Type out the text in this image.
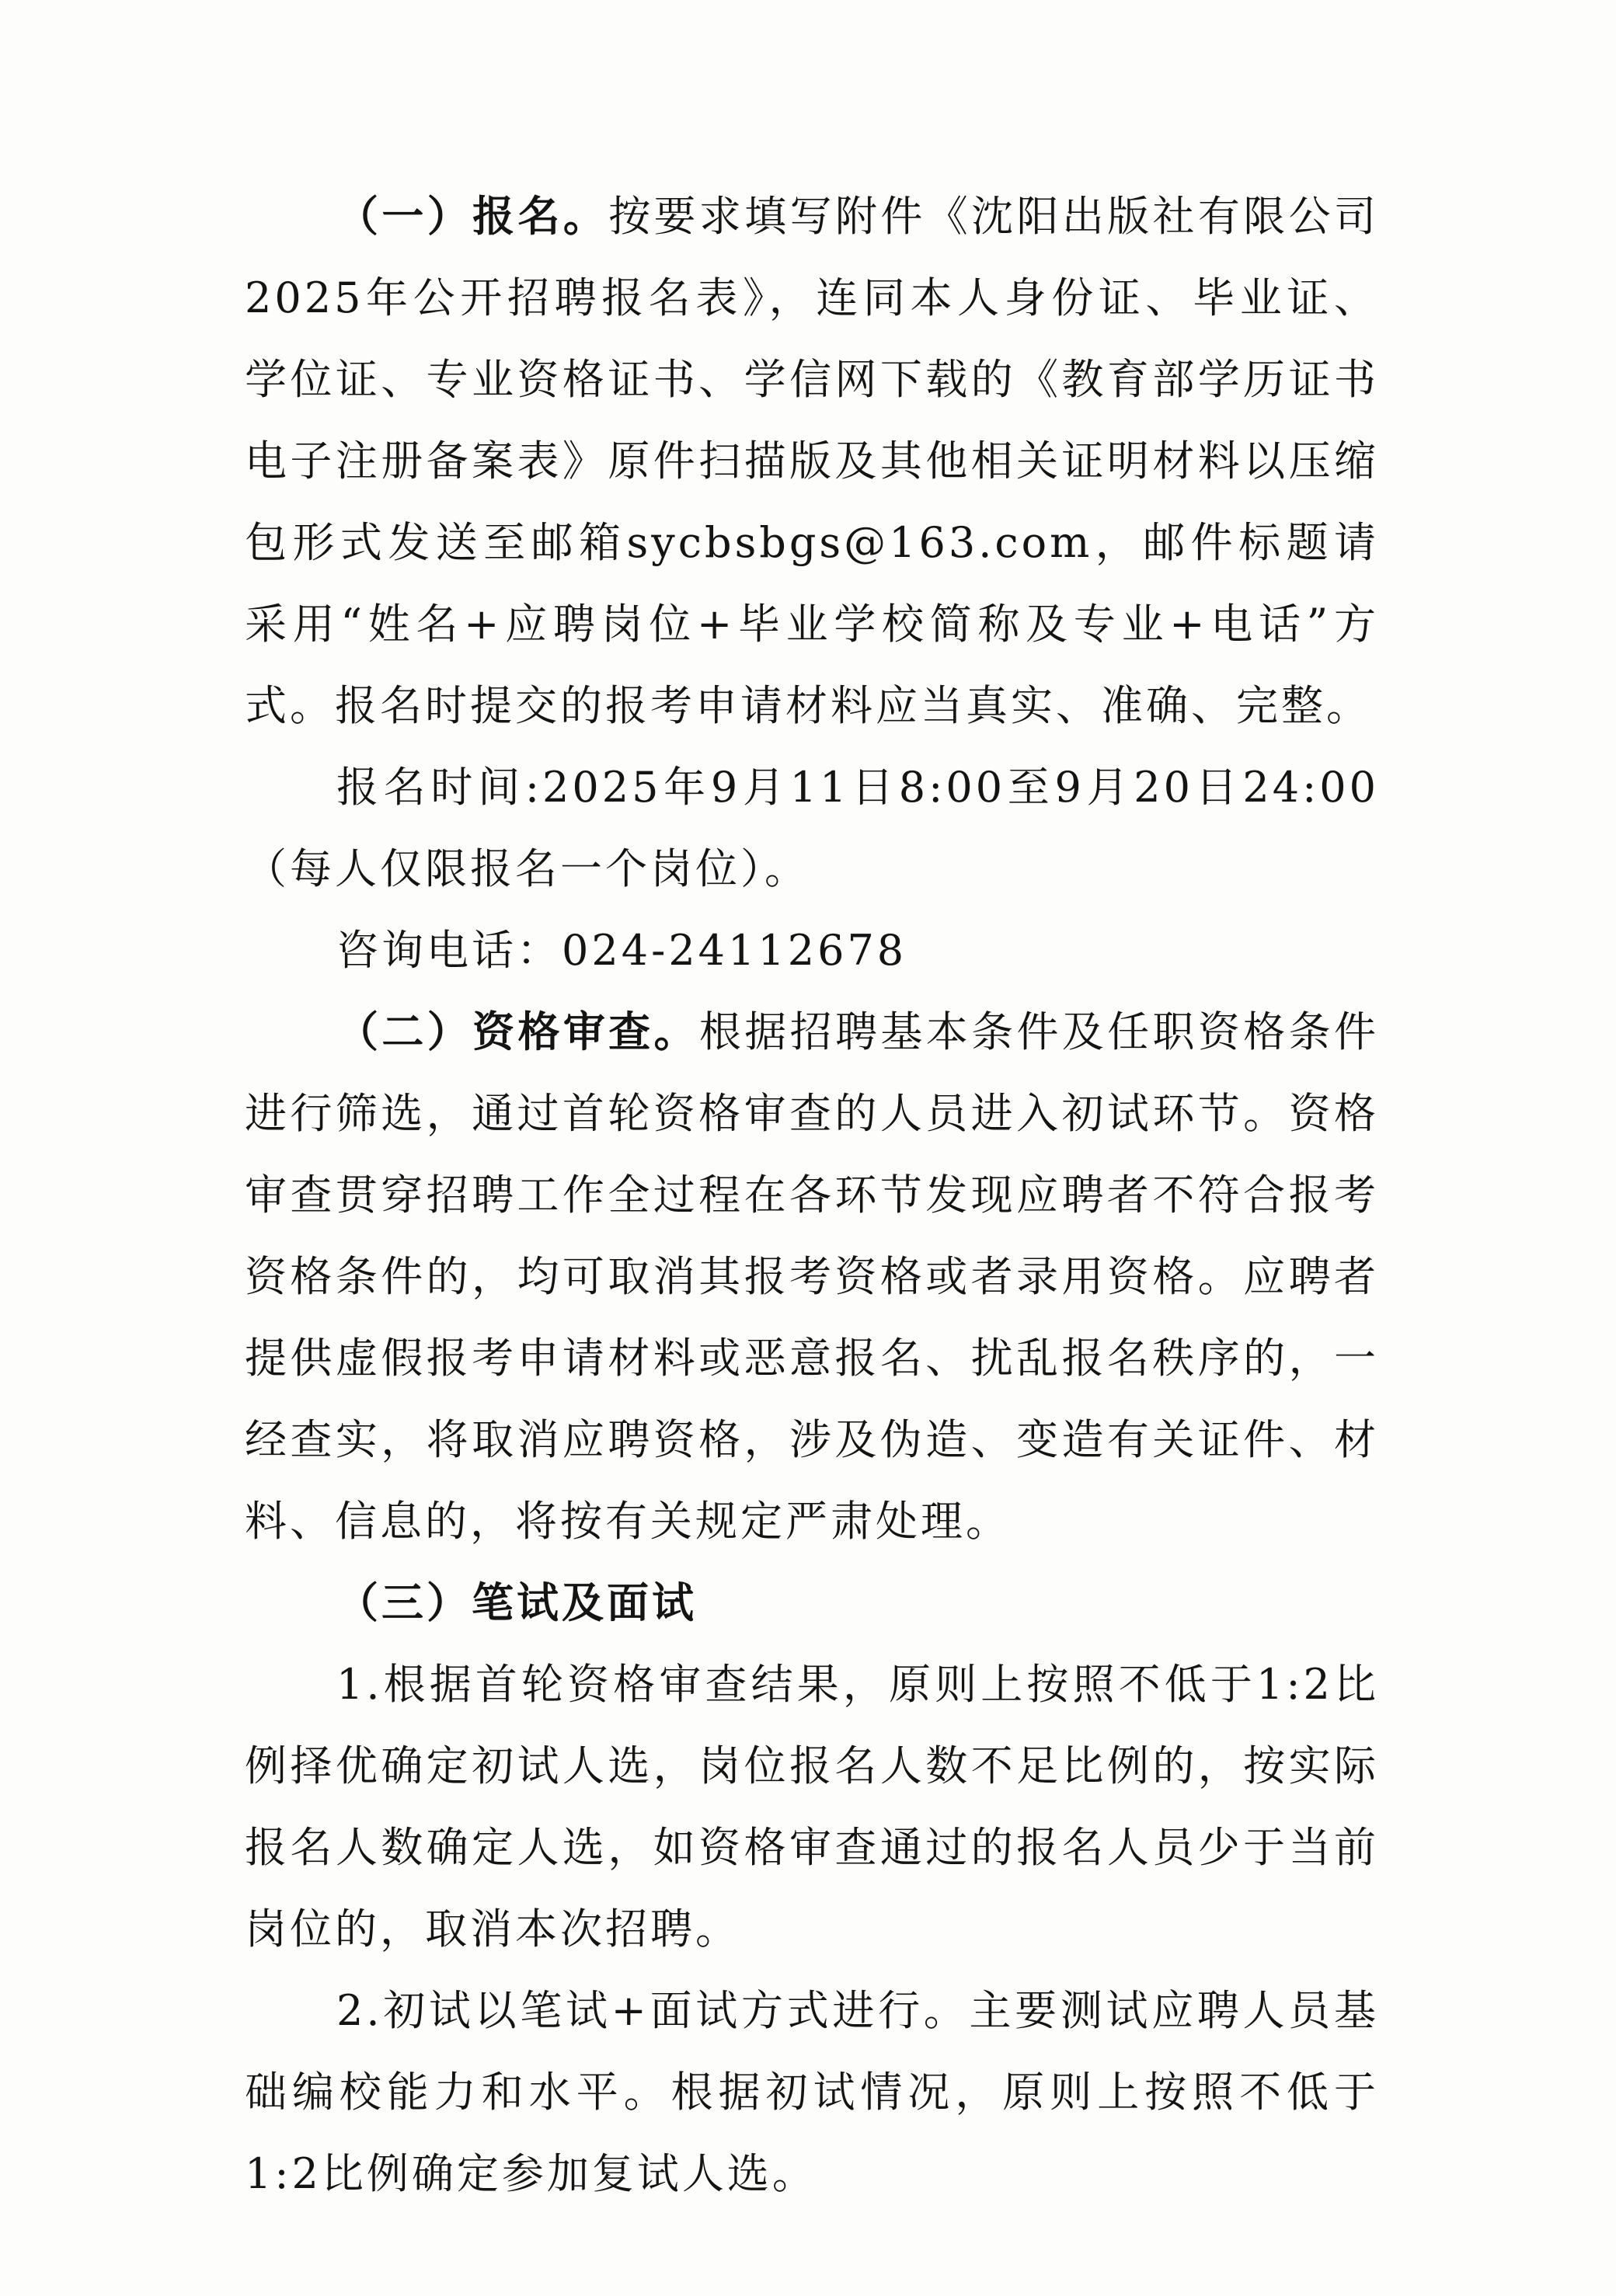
（一）报名。按要求填写附件《沈阳出版社有限公司2025年公开招聘报名表》，连同本人身份证、毕业证、学位证、专业资格证书、学信网下载的《教育部学历证书电子注册备案表》原件扫描版及其他相关证明材料以压缩包形式发送至邮箱sycbsbgs@163.com，邮件标题请采用“姓名+应聘岗位+毕业学校简称及专业+电话”方式。报名时提交的报考申请材料应当真实、准确、完整。

报名时间:2025年9月11日8:00至9月20日24:00（每人仅限报名一个岗位）。

咨询电话：024-24112678

（二）资格审查。根据招聘基本条件及任职资格条件进行筛选，通过首轮资格审查的人员进入初试环节。资格审查贯穿招聘工作全过程在各环节发现应聘者不符合报考资格条件的，均可取消其报考资格或者录用资格。应聘者提供虚假报考申请材料或恶意报名、扰乱报名秩序的，一经查实，将取消应聘资格，涉及伪造、变造有关证件、材料、信息的，将按有关规定严肃处理。

（三）笔试及面试

1.根据首轮资格审查结果，原则上按照不低于1:2比例择优确定初试人选，岗位报名人数不足比例的，按实际报名人数确定人选，如资格审查通过的报名人员少于当前岗位的，取消本次招聘。

2.初试以笔试+面试方式进行。主要测试应聘人员基础编校能力和水平。根据初试情况，原则上按照不低于1:2比例确定参加复试人选。
